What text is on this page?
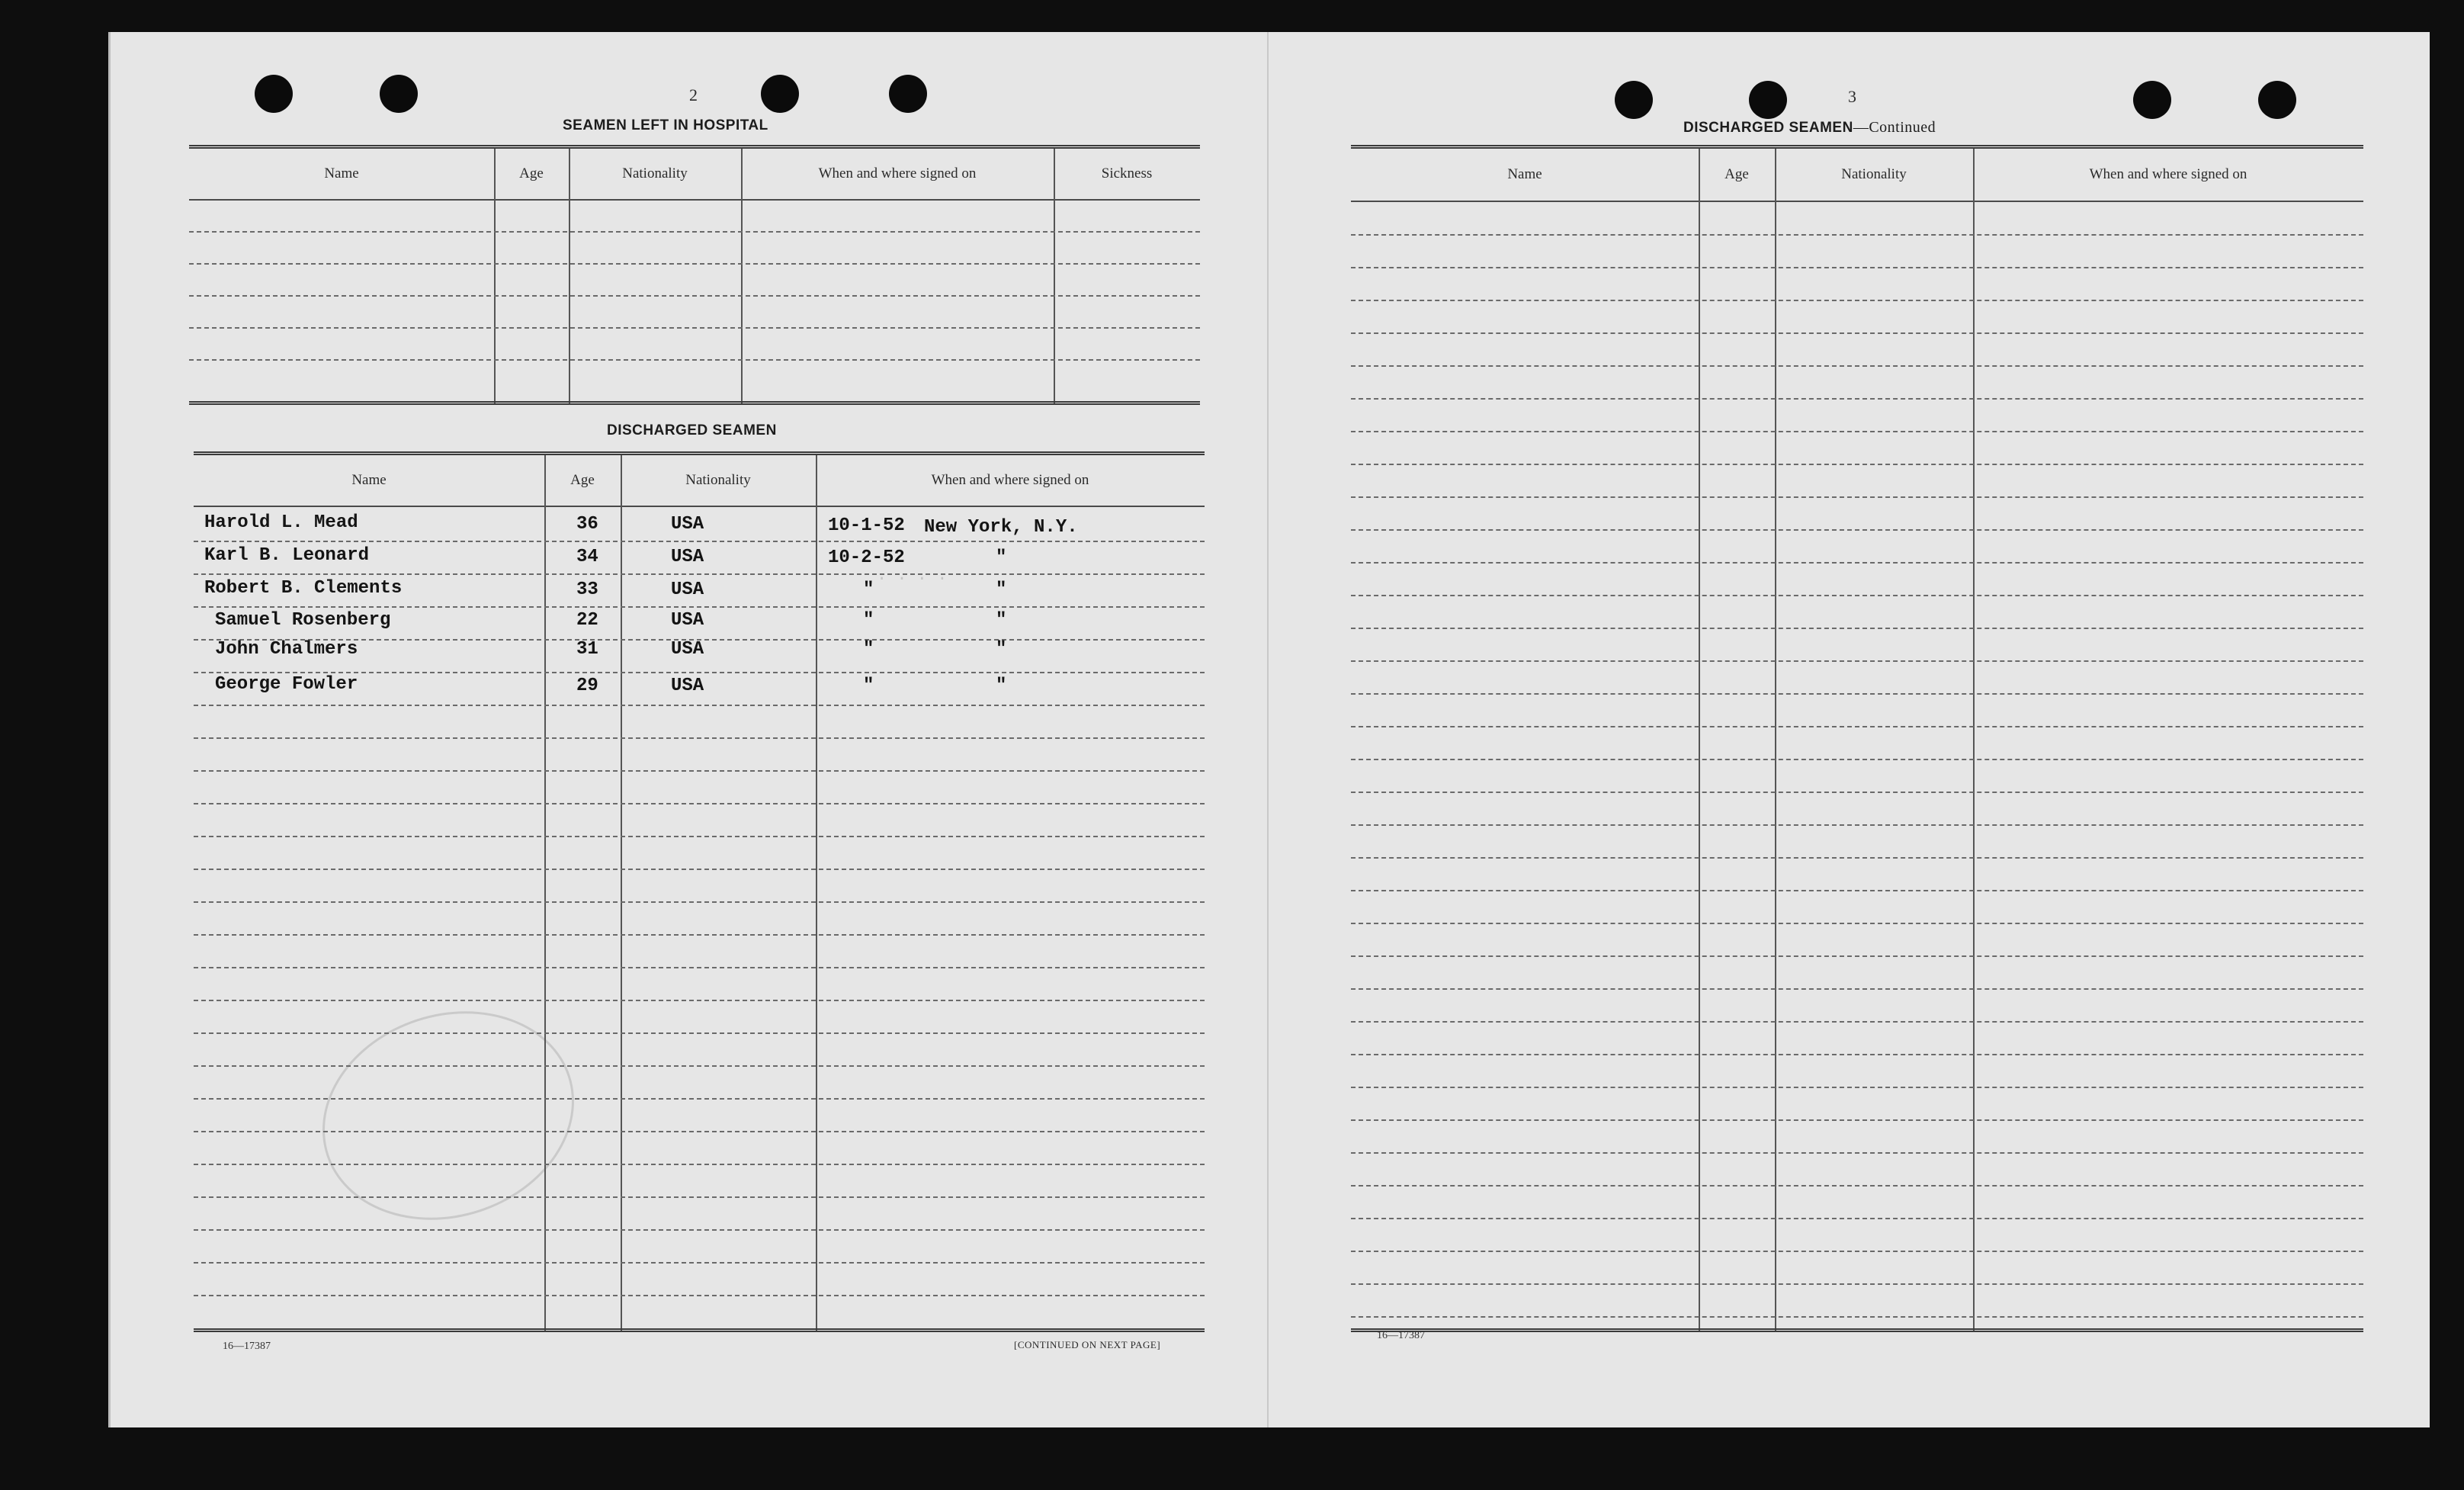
. . . .
2
SEAMEN LEFT IN HOSPITAL
Name	Age	Nationality	When and where signed on	Sickness
DISCHARGED SEAMEN
Name	Age	Nationality	When and where signed on
Harold L. Mead	36	USA	10-1-52 New York, N.Y.
Karl B. Leonard	34	USA	10-2-52	"
Robert B. Clements	33	USA	"	"
Samuel Rosenberg	22	USA	"	"
John Chalmers	31	USA	"	"
George Fowler	29	USA	"	"
16—17387	[CONTINUED ON NEXT PAGE]
3
DISCHARGED SEAMEN—Continued
Name	Age	Nationality	When and where signed on
16—17387
